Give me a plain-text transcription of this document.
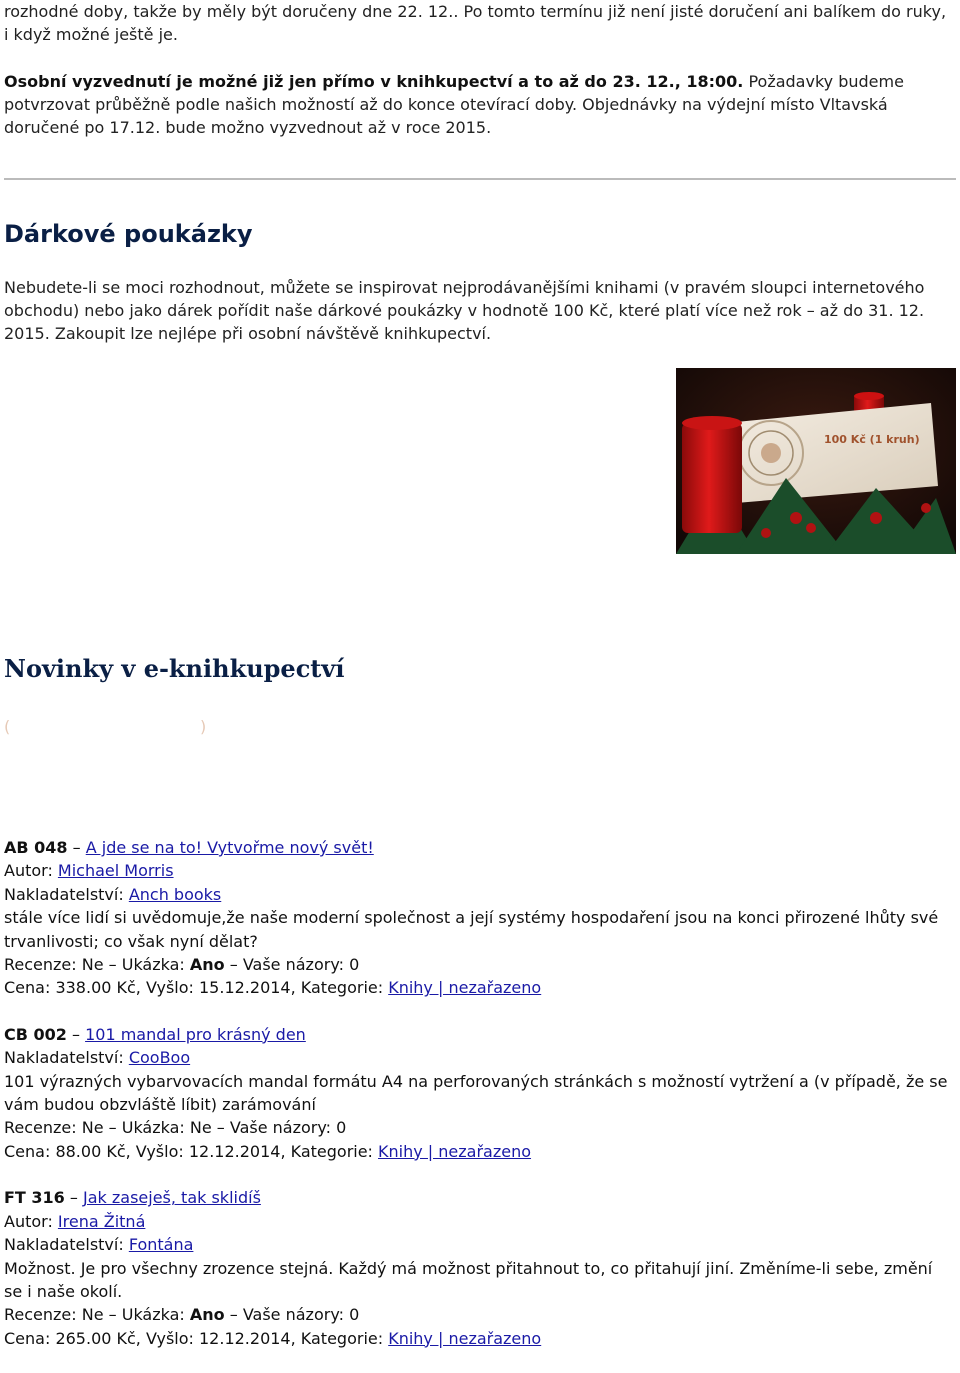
rozhodné doby, takže by měly být doručeny dne 22. 12.. Po tomto termínu již není jisté doručení ani balíkem do ruky, i když možné ještě je.

Osobní vyzvednutí je možné již jen přímo v knihkupectví a to až do 23. 12., 18:00. Požadavky budeme potvrzovat průběžně podle našich možností až do konce otevírací doby. Objednávky na výdejní místo Vltavská doručené po 17.12. bude možno vyzvednout až v roce 2015.

Dárkové poukázky

Nebudete-li se moci rozhodnout, můžete se inspirovat nejprodávanějšími knihami (v pravém sloupci internetového obchodu) nebo jako dárek pořídit naše dárkové poukázky v hodnotě 100 Kč, které platí více než rok – až do 31. 12. 2015. Zakoupit lze nejlépe při osobní návštěvě knihkupectví.

100 Kč (1 kruh)
Novinky v e-knihkupectví
(	)
AB 048 – A jde se na to! Vytvořme nový svět!
Autor: Michael Morris
Nakladatelství: Anch books
stále více lidí si uvědomuje,že naše moderní společnost a její systémy hospodaření jsou na konci přirozené lhůty své trvanlivosti; co však nyní dělat?
Recenze: Ne – Ukázka: Ano – Vaše názory: 0
Cena: 338.00 Kč, Vyšlo: 15.12.2014, Kategorie: Knihy | nezařazeno
CB 002 – 101 mandal pro krásný den
Nakladatelství: CooBoo
101 výrazných vybarvovacích mandal formátu A4 na perforovaných stránkách s možností vytržení a (v případě, že se vám budou obzvláště líbit) zarámování
Recenze: Ne – Ukázka: Ne – Vaše názory: 0
Cena: 88.00 Kč, Vyšlo: 12.12.2014, Kategorie: Knihy | nezařazeno
FT 316 – Jak zaseješ, tak sklidíš
Autor: Irena Žitná
Nakladatelství: Fontána
Možnost. Je pro všechny zrozence stejná. Každý má možnost přitahnout to, co přitahují jiní. Změníme-li sebe, změní se i naše okolí.
Recenze: Ne – Ukázka: Ano – Vaše názory: 0
Cena: 265.00 Kč, Vyšlo: 12.12.2014, Kategorie: Knihy | nezařazeno
